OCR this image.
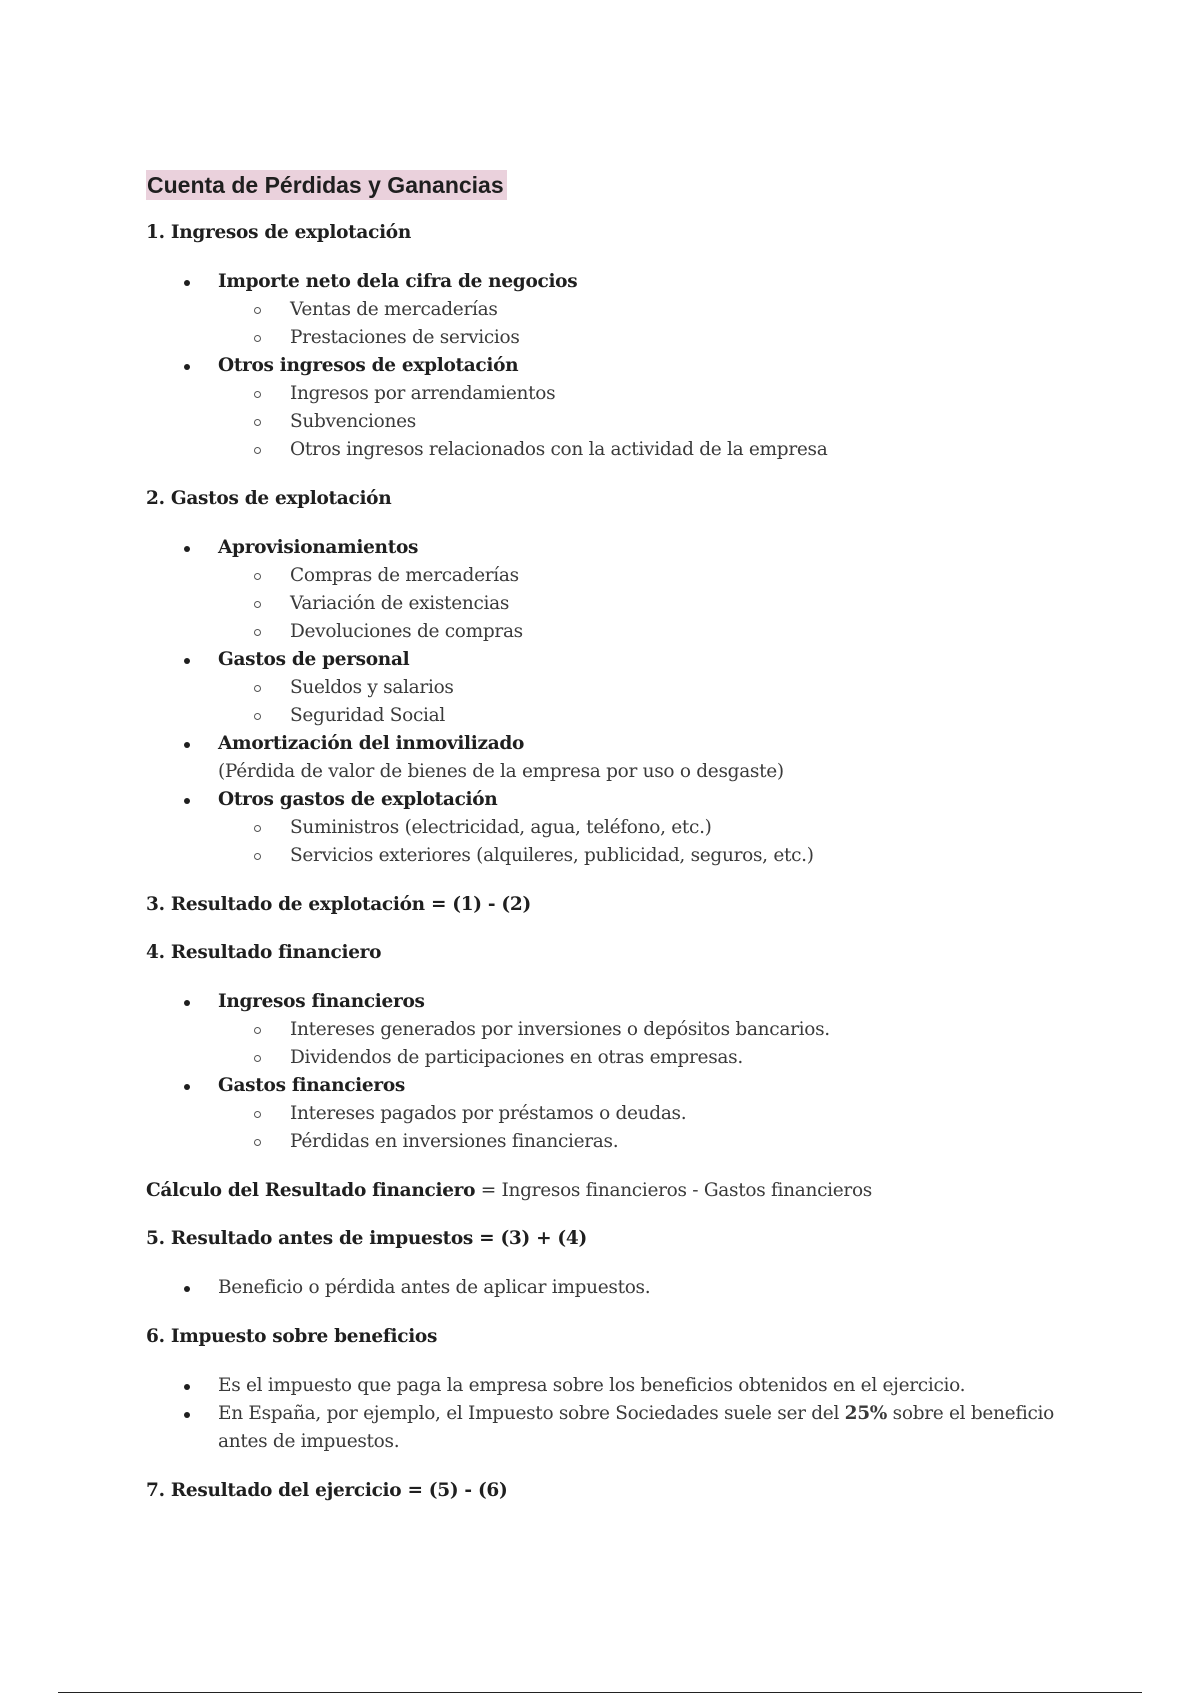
Cuenta de Pérdidas y Ganancias
1. Ingresos de explotación
Importe neto dela cifra de negocios
Ventas de mercaderías
Prestaciones de servicios
Otros ingresos de explotación
Ingresos por arrendamientos
Subvenciones
Otros ingresos relacionados con la actividad de la empresa
2. Gastos de explotación
Aprovisionamientos
Compras de mercaderías
Variación de existencias
Devoluciones de compras
Gastos de personal
Sueldos y salarios
Seguridad Social
Amortización del inmovilizado
(Pérdida de valor de bienes de la empresa por uso o desgaste)
Otros gastos de explotación
Suministros (electricidad, agua, teléfono, etc.)
Servicios exteriores (alquileres, publicidad, seguros, etc.)
3. Resultado de explotación = (1) - (2)
4. Resultado financiero
Ingresos financieros
Intereses generados por inversiones o depósitos bancarios.
Dividendos de participaciones en otras empresas.
Gastos financieros
Intereses pagados por préstamos o deudas.
Pérdidas en inversiones financieras.
Cálculo del Resultado financiero = Ingresos financieros - Gastos financieros
5. Resultado antes de impuestos = (3) + (4)
Beneficio o pérdida antes de aplicar impuestos.
6. Impuesto sobre beneficios
Es el impuesto que paga la empresa sobre los beneficios obtenidos en el ejercicio.
En España, por ejemplo, el Impuesto sobre Sociedades suele ser del 25% sobre el beneficio antes de impuestos.
7. Resultado del ejercicio = (5) - (6)
